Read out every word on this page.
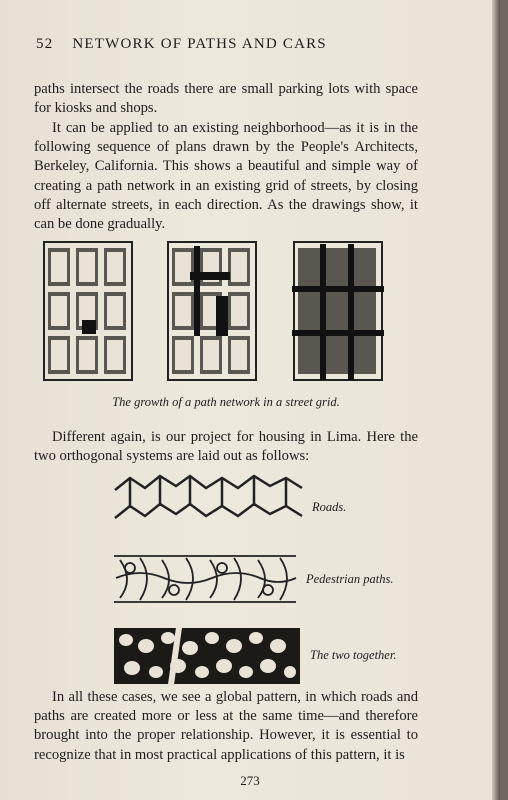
52 NETWORK OF PATHS AND CARS
paths intersect the roads there are small parking lots with space for kiosks and shops.
It can be applied to an existing neighborhood—as it is in the following sequence of plans drawn by the People's Architects, Berkeley, California. This shows a beautiful and simple way of creating a path network in an existing grid of streets, by closing off alternate streets, in each direction. As the drawings show, it can be done gradually.
The growth of a path network in a street grid.
Different again, is our project for housing in Lima. Here the two orthogonal systems are laid out as follows:
Roads.
Pedestrian paths.
The two together.
In all these cases, we see a global pattern, in which roads and paths are created more or less at the same time—and therefore brought into the proper relationship. However, it is essential to recognize that in most practical applications of this pattern, it is
273
